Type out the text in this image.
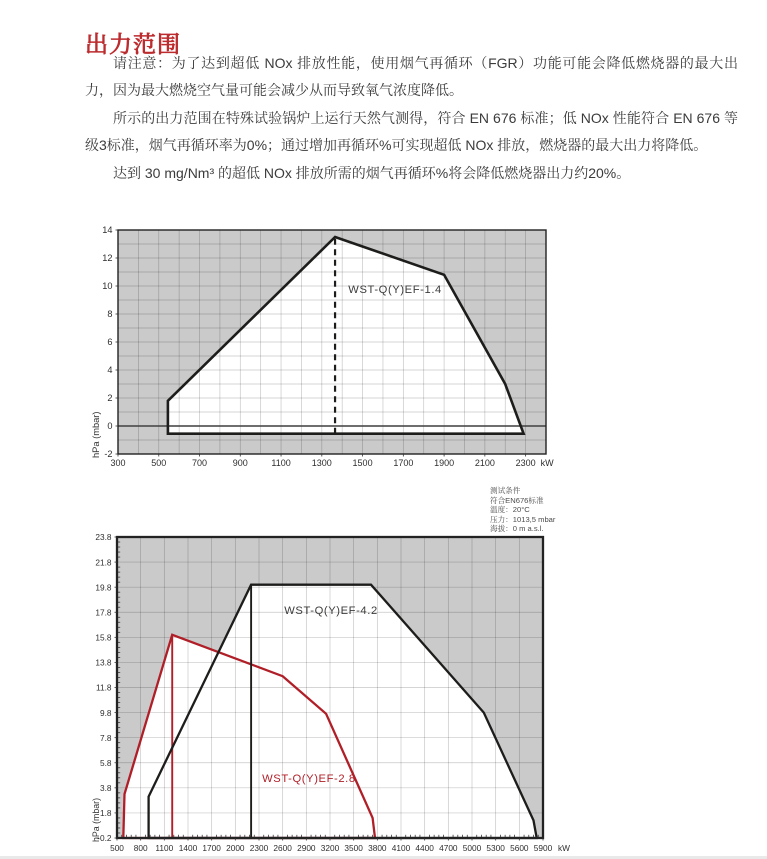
出力范围

请注意：为了达到超低 NOx 排放性能，使用烟气再循环（FGR）功能可能会降低燃烧器的最大出力，因为最大燃烧空气量可能会减少从而导致氧气浓度降低。

所示的出力范围在特殊试验锅炉上运行天然气测得，符合 EN 676 标准；低 NOx 性能符合 EN 676 等级3标准，烟气再循环率为0%；通过增加再循环%可实现超低 NOx 排放，燃烧器的最大出力将降低。

达到 30 mg/Nm³ 的超低 NOx 排放所需的烟气再循环%将会降低燃烧器出力约20%。

WST-Q(Y)EF-1.4
300	500	700	900	1100 1300 1500 1700 1900 2100 2300 kW
14
12
10
8
6
4
2
0
-2
hPa (mbar)
测试条件
符合EN676标准
温度：20°C
压力：1013,5 mbar
海拔：0 m a.s.l.
WST-Q(Y)EF-2.8
WST-Q(Y)EF-4.2
500 800 1100 1400 1700 2000 2300 2600 2900 3200 3500 3800 4100 4400 4700 5000 5300 5600 5900 kW
23.8
21.8
19.8
17.8
15.8
13.8
11.8
9.8
7.8
5.8
3.8
1.8
-0.2
hPa (mbar)
